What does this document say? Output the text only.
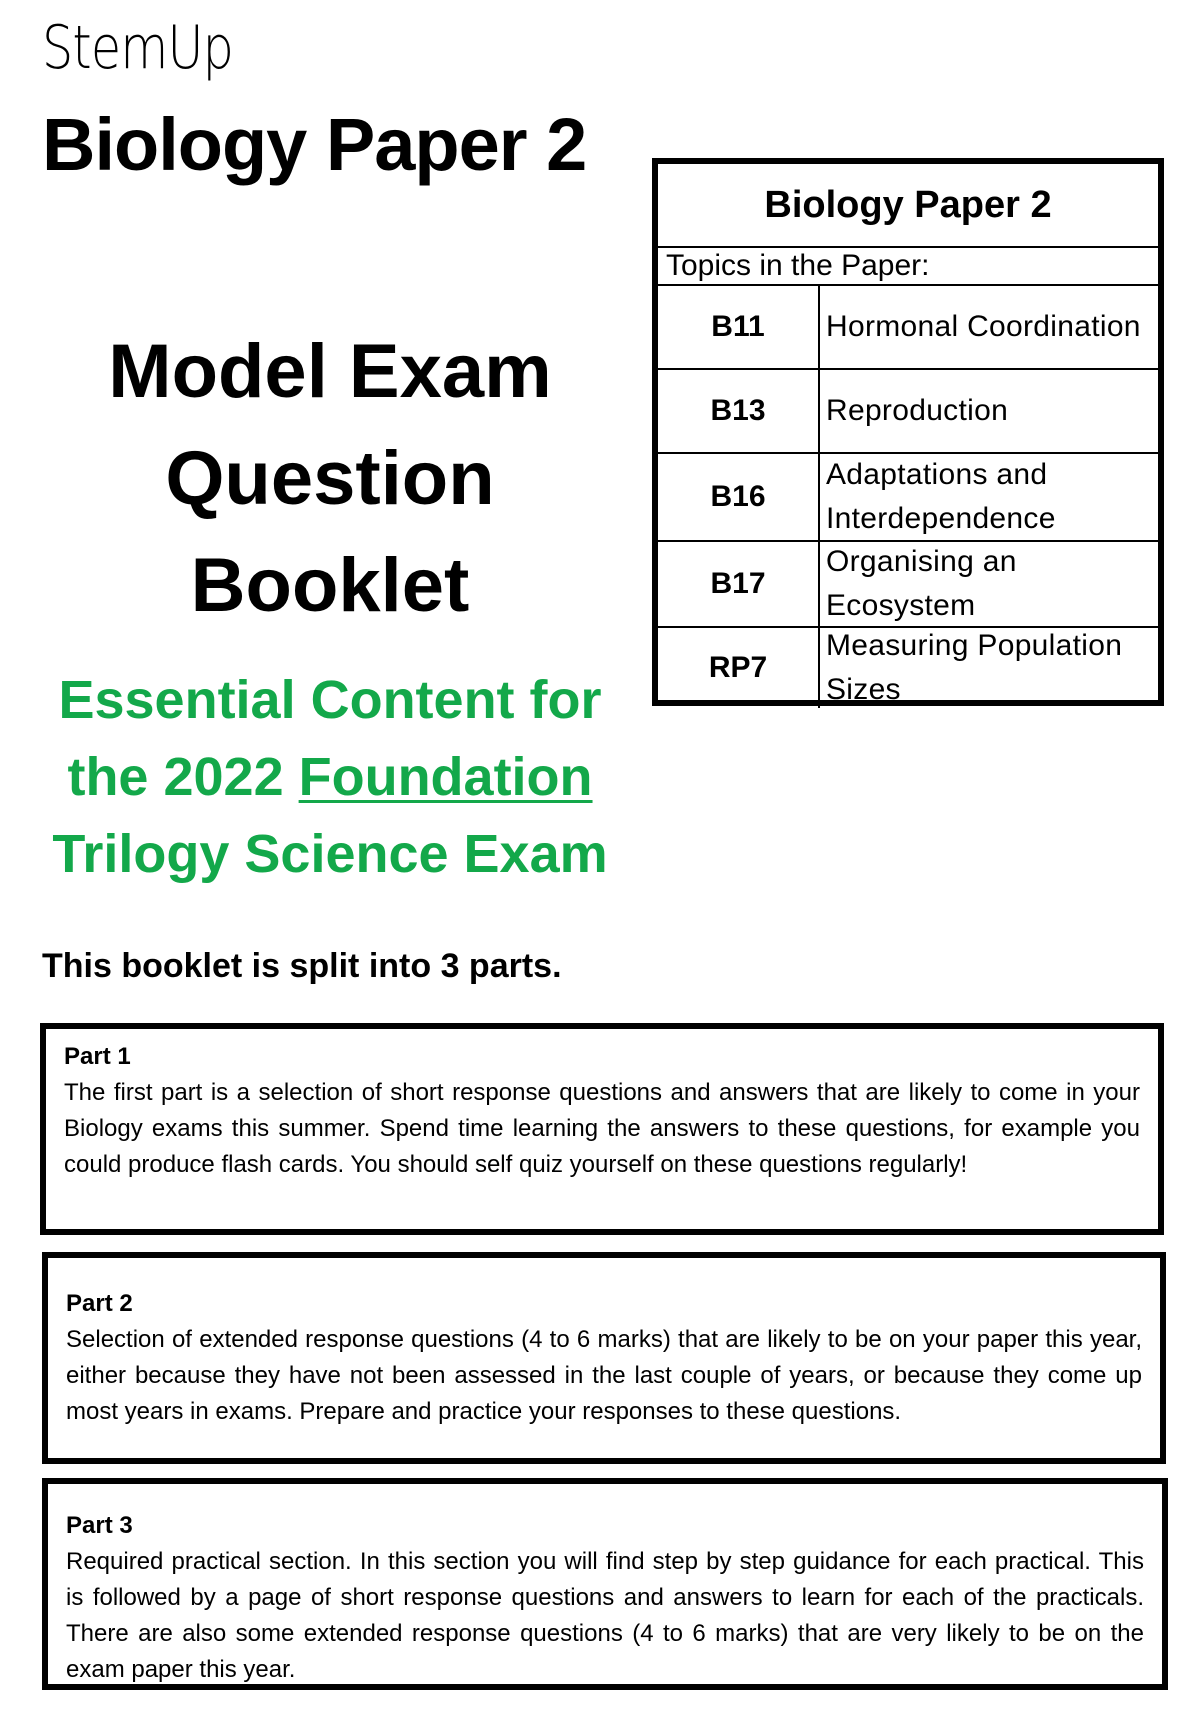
StemUp
Biology Paper 2
Model Exam
Question
Booklet
Essential Content for
the 2022 Foundation
Trilogy Science Exam
Biology Paper 2
Topics in the Paper:
B11	Hormonal Coordination
B13	Reproduction
B16
Adaptations and Interdependence
B17
Organising an Ecosystem
RP7
Measuring Population Sizes
This booklet is split into 3 parts.
Part 1
The first part is a selection of short response questions and answers that are likely to come in your Biology exams this summer. Spend time learning the answers to these questions, for example you could produce flash cards. You should self quiz yourself on these questions regularly!
Part 2
Selection of extended response questions (4 to 6 marks) that are likely to be on your paper this year, either because they have not been assessed in the last couple of years, or because they come up most years in exams. Prepare and practice your responses to these questions.
Part 3
Required practical section. In this section you will find step by step guidance for each practical. This is followed by a page of short response questions and answers to learn for each of the practicals. There are also some extended response questions (4 to 6 marks) that are very likely to be on the exam paper this year.
